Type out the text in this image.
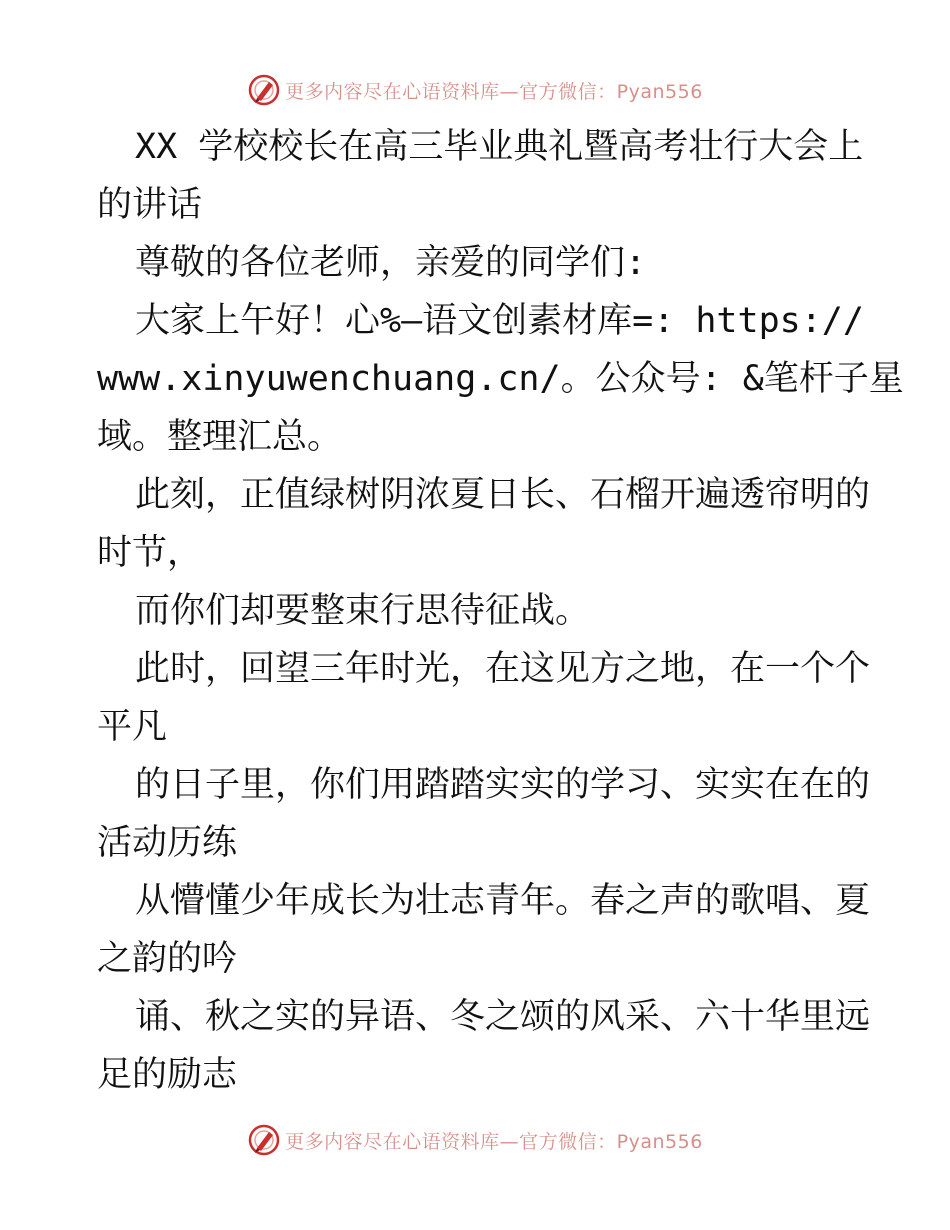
更多内容尽在心语资料库—官方微信：Pyan556
XX 学校校长在高三毕业典礼暨高考壮行大会上
的讲话
尊敬的各位老师，亲爱的同学们:
大家上午好！心%—语文创素材库=: https://
www.xinyuwenchuang.cn/。公众号: &笔杆子星
域。整理汇总。
此刻，正值绿树阴浓夏日长、石榴开遍透帘明的
时节，
而你们却要整束行思待征战。
此时，回望三年时光，在这见方之地，在一个个
平凡
的日子里，你们用踏踏实实的学习、实实在在的
活动历练
从懵懂少年成长为壮志青年。春之声的歌唱、夏
之韵的吟
诵、秋之实的异语、冬之颂的风采、六十华里远
足的励志
更多内容尽在心语资料库—官方微信：Pyan556
